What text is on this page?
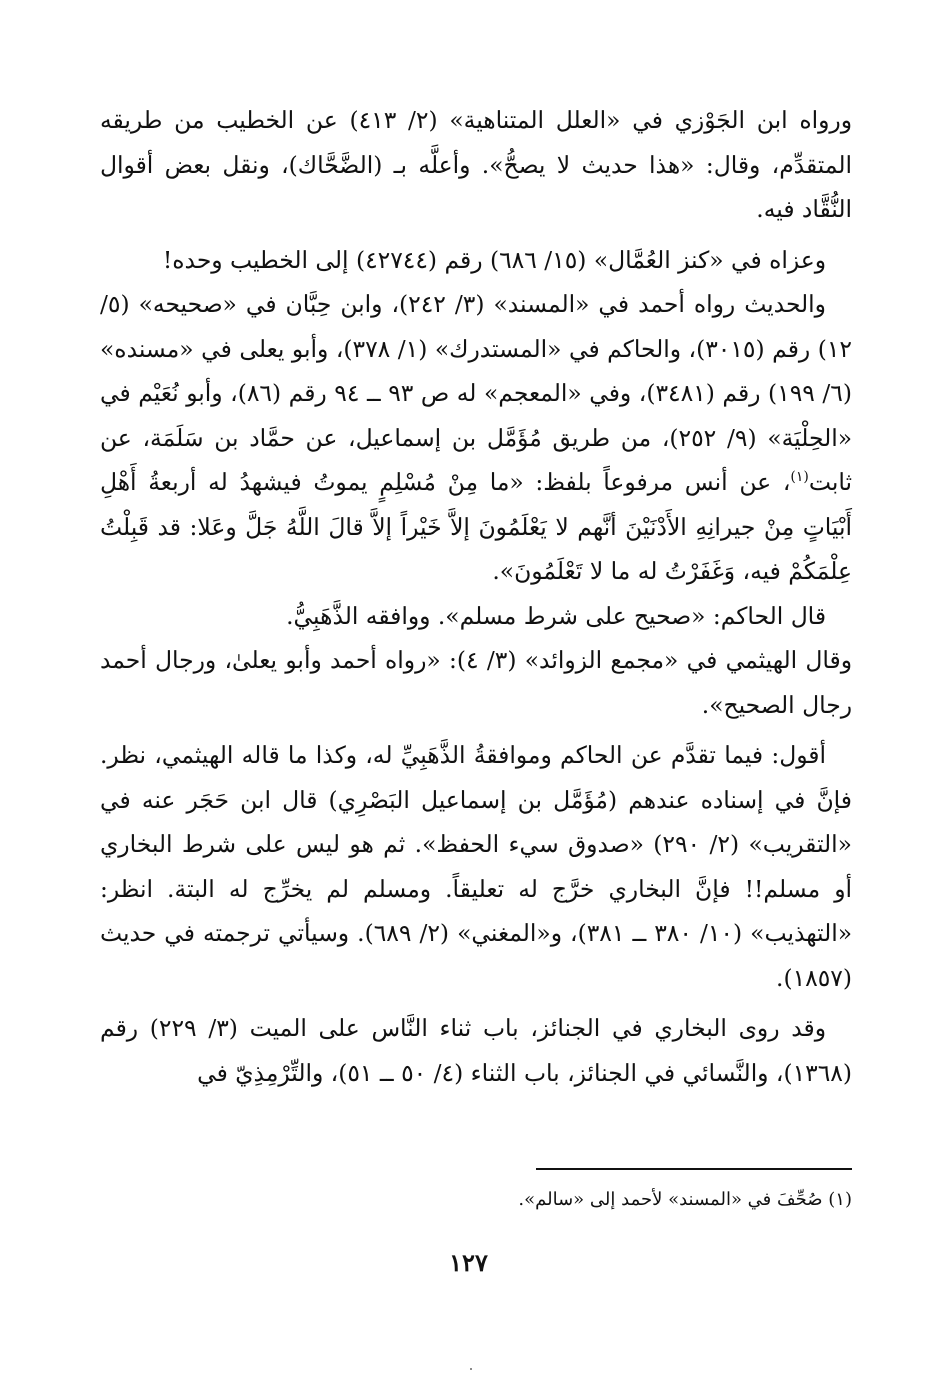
ورواه ابن الجَوْزي في «العلل المتناهية» (٢/ ٤١٣) عن الخطيب من طريقه المتقدِّم، وقال: «هذا حديث لا يصحُّ». وأعلَّه بـ (الضَّحَّاك)، ونقل بعض أقوال النُّقَّاد فيه.

وعزاه في «كنز العُمَّال» (١٥/ ٦٨٦) رقم (٤٢٧٤٤) إلى الخطيب وحده!

والحديث رواه أحمد في «المسند» (٣/ ٢٤٢)، وابن حِبَّان في «صحيحه» (٥/ ١٢) رقم (٣٠١٥)، والحاكم في «المستدرك» (١/ ٣٧٨)، وأبو يعلى في «مسنده» (٦/ ١٩٩) رقم (٣٤٨١)، وفي «المعجم» له ص ٩٣ ــ ٩٤ رقم (٨٦)، وأبو نُعَيْم في «الحِلْيَة» (٩/ ٢٥٢)، من طريق مُؤَمَّل بن إسماعيل، عن حمَّاد بن سَلَمَة، عن ثابت$^{(١)}$، عن أنس مرفوعاً بلفظ: «ما مِنْ مُسْلِمٍ يموتُ فيشهدُ له أربعةُ أَهْلِ أَبْيَاتٍ مِنْ جيرانِهِ الأَدْنَيْنَ أنَّهم لا يَعْلَمُونَ إلاَّ خَيْراً إلاَّ قالَ اللَّهُ جَلَّ وعَلا: قد قَبِلْتُ عِلْمَكُمْ فيه، وَغَفَرْتُ له ما لا تَعْلَمُونَ».

قال الحاكم: «صحيح على شرط مسلم». ووافقه الذَّهَبِيُّ.

وقال الهيثمي في «مجمع الزوائد» (٣/ ٤): «رواه أحمد وأبو يعلىٰ، ورجال أحمد رجال الصحيح».

أقول: فيما تقدَّم عن الحاكم وموافقةُ الذَّهَبِيِّ له، وكذا ما قاله الهيثمي، نظر. فإنَّ في إسناده عندهم (مُؤَمَّل بن إسماعيل البَصْرِي) قال ابن حَجَر عنه في «التقريب» (٢/ ٢٩٠) «صدوق سيء الحفظ». ثم هو ليس على شرط البخاري أو مسلم!! فإنَّ البخاري خرَّج له تعليقاً. ومسلم لم يخرِّج له البتة. انظر: «التهذيب» (١٠/ ٣٨٠ ــ ٣٨١)، و«المغني» (٢/ ٦٨٩). وسيأتي ترجمته في حديث (١٨٥٧).

وقد روى البخاري في الجنائز، باب ثناء النَّاس على الميت (٣/ ٢٢٩) رقم (١٣٦٨)، والنَّسائي في الجنائز، باب الثناء (٤/ ٥٠ ــ ٥١)، والتِّرْمِذِيّ في

(١) صُحِّفَ في «المسند» لأحمد إلى «سالم».
١٢٧
